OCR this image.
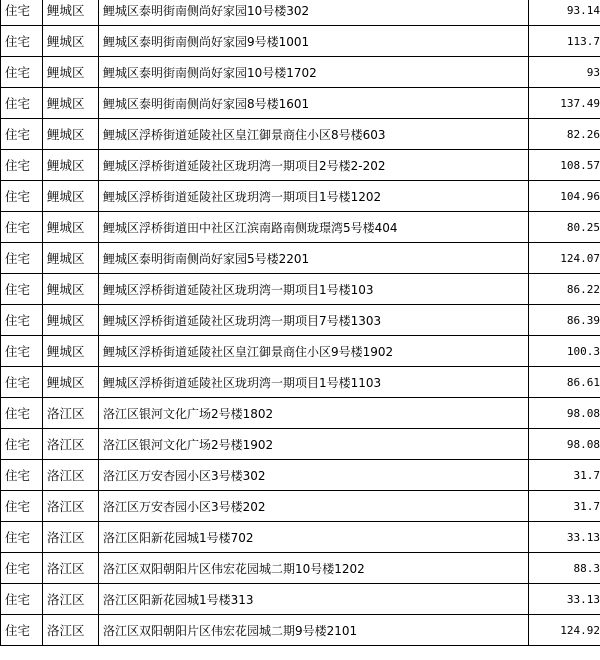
住宅	鲤城区	鲤城区泰明街南侧尚好家园10号楼302	93.14
住宅	鲤城区	鲤城区泰明街南侧尚好家园9号楼1001	113.7
住宅	鲤城区	鲤城区泰明街南侧尚好家园10号楼1702	93
住宅	鲤城区	鲤城区泰明街南侧尚好家园8号楼1601	137.49
住宅	鲤城区	鲤城区浮桥街道延陵社区皇江御景商住小区8号楼603	82.26
住宅	鲤城区	鲤城区浮桥街道延陵社区珑玥湾一期项目2号楼2-202	108.57
住宅	鲤城区	鲤城区浮桥街道延陵社区珑玥湾一期项目1号楼1202	104.96
住宅	鲤城区	鲤城区浮桥街道田中社区江滨南路南侧珑璟湾5号楼404	80.25
住宅	鲤城区	鲤城区泰明街南侧尚好家园5号楼2201	124.07
住宅	鲤城区	鲤城区浮桥街道延陵社区珑玥湾一期项目1号楼103	86.22
住宅	鲤城区	鲤城区浮桥街道延陵社区珑玥湾一期项目7号楼1303	86.39
住宅	鲤城区	鲤城区浮桥街道延陵社区皇江御景商住小区9号楼1902	100.3
住宅	鲤城区	鲤城区浮桥街道延陵社区珑玥湾一期项目1号楼1103	86.61
住宅	洛江区	洛江区银河文化广场2号楼1802	98.08
住宅	洛江区	洛江区银河文化广场2号楼1902	98.08
住宅	洛江区	洛江区万安杏园小区3号楼302	31.7
住宅	洛江区	洛江区万安杏园小区3号楼202	31.7
住宅	洛江区	洛江区阳新花园城1号楼702	33.13
住宅	洛江区	洛江区双阳朝阳片区伟宏花园城二期10号楼1202	88.3
住宅	洛江区	洛江区阳新花园城1号楼313	33.13
住宅	洛江区	洛江区双阳朝阳片区伟宏花园城二期9号楼2101	124.92
